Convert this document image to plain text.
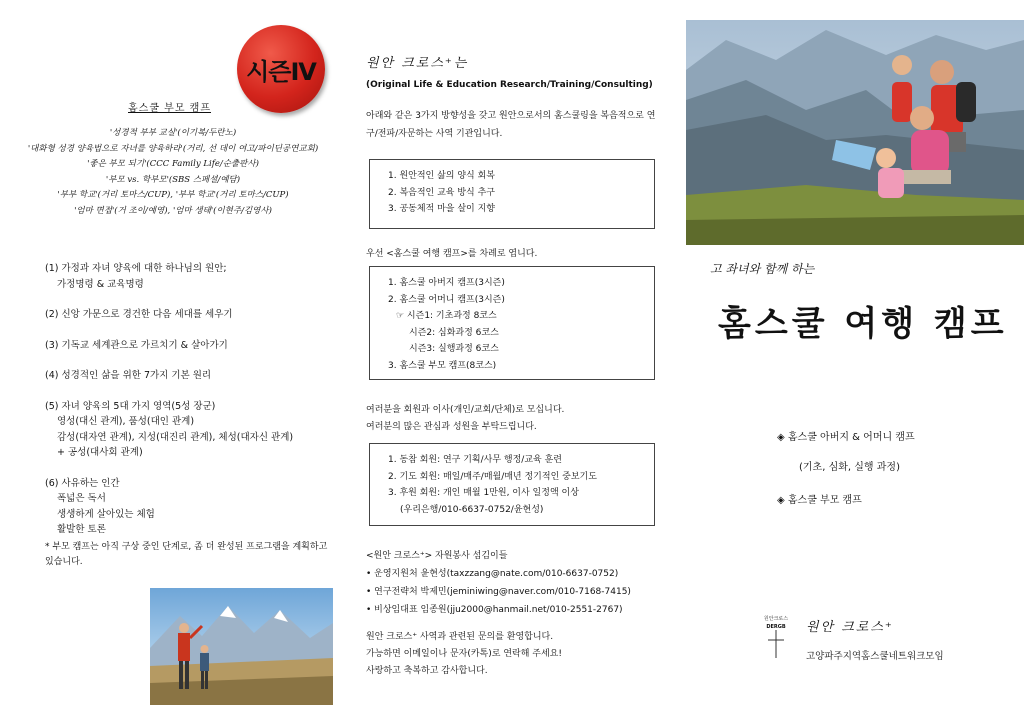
시즌Ⅳ
홈스쿨 부모 캠프
'성경적 부부 교실'(이기복/두란노)
'대화형 성경 양육법으로 자녀를 양육하라'(거리, 선 데이 여고/파이딘공연교회)
'좋은 부모 되기'(CCC Family Life/순출판사)
'부모 vs. 학부모'(SBS 스페셜/예담)
'부부 학교'(거리 토마스/CUP), '부부 학교'(거리 토마스/CUP)
'엄마 면접'(거 조이/예영), '엄마 생태'(이현주/김영사)
(1) 가정과 자녀 양육에 대한 하나님의 원안;
가정명령 & 교육명령
(2) 신앙 가문으로 경건한 다음 세대를 세우기
(3) 기독교 세계관으로 가르치기 & 살아가기
(4) 성경적인 삶을 위한 7가지 기본 원리
(5) 자녀 양육의 5대 가지 영역(5성 장군)
영성(대신 관계), 품성(대인 관계)
감성(대자연 관계), 지성(대진리 관계), 체성(대자신 관계)
+ 공성(대사회 관계)
(6) 사유하는 인간
폭넓은 독서
생생하게 살아있는 체험
활발한 토론
* 부모 캠프는 아직 구상 중인 단계로, 좀 더 완성된 프로그램을 계획하고 있습니다.
원안 크로스⁺는
(Original Life & Education Research/Training/Consulting)
아래와 같은 3가지 방향성을 갖고 원안으로서의 홈스쿨링을 복음적으로 연구/전파/자문하는 사역 기관입니다.
1. 원안적인 삶의 양식 회복
2. 복음적인 교육 방식 추구
3. 공동체적 마을 살이 지향
우선 <홈스쿨 여행 캠프>를 차례로 엽니다.
1. 홈스쿨 아버지 캠프(3시즌)
2. 홈스쿨 어머니 캠프(3시즌)
☞ 시즌1: 기초과정 8코스
시즌2: 심화과정 6코스
시즌3: 실행과정 6코스
3. 홈스쿨 부모 캠프(8코스)
여러분을 회원과 이사(개인/교회/단체)로 모십니다.
여러분의 많은 관심과 성원을 부탁드립니다.
1. 동참 회원: 연구 기획/사무 행정/교육 훈련
2. 기도 회원: 매일/매주/매월/매년 정기적인 중보기도
3. 후원 회원: 개인 매월 1만원, 이사 일정액 이상
(우리은행/010-6637-0752/윤현성)
<원안 크로스⁺> 자원봉사 섬김이들
• 운영지원처 윤현성(taxzzang@nate.com/010-6637-0752)
• 연구전략처 박제민(jeminiwing@naver.com/010-7168-7415)
• 비상임대표 임종원(jju2000@hanmail.net/010-2551-2767)
원안 크로스⁺ 사역과 관련된 문의를 환영합니다.
가능하면 이메일이나 문자(카톡)로 연락해 주세요!
사랑하고 축복하고 감사합니다.
고 좌녀와 함께 하는
홈스쿨 여행 캠프
◈ 홈스쿨 아버지 & 어머니 캠프
(기초, 심화, 실행 과정)
◈ 홈스쿨 부모 캠프
원안크로스
DERGB 원안 크로스⁺
고양파주지역홈스쿨네트워크모임
